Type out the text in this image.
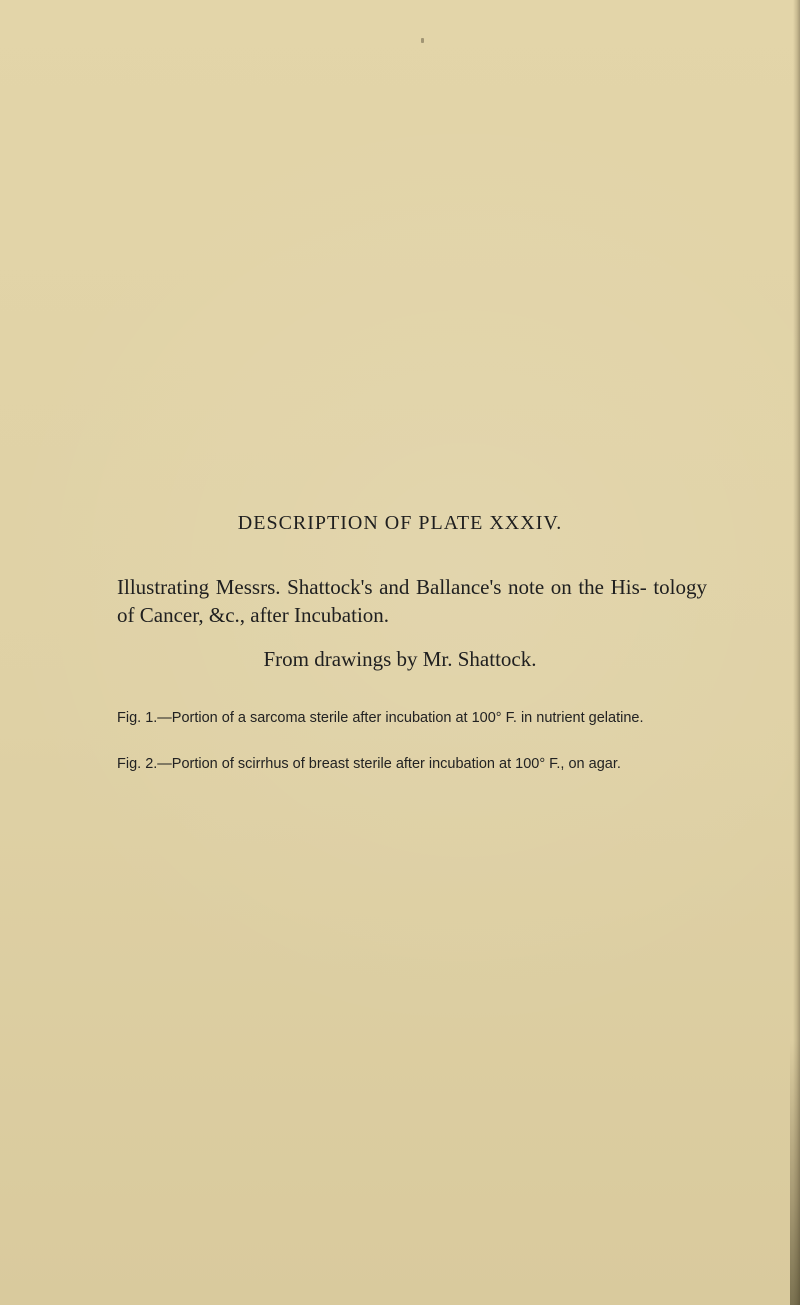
DESCRIPTION OF PLATE XXXIV.
Illustrating Messrs. Shattock's and Ballance's note on the His- tology of Cancer, &c., after Incubation.
From drawings by Mr. Shattock.
Fig. 1.—Portion of a sarcoma sterile after incubation at 100° F. in nutrient gelatine.
Fig. 2.—Portion of scirrhus of breast sterile after incubation at 100° F., on agar.
